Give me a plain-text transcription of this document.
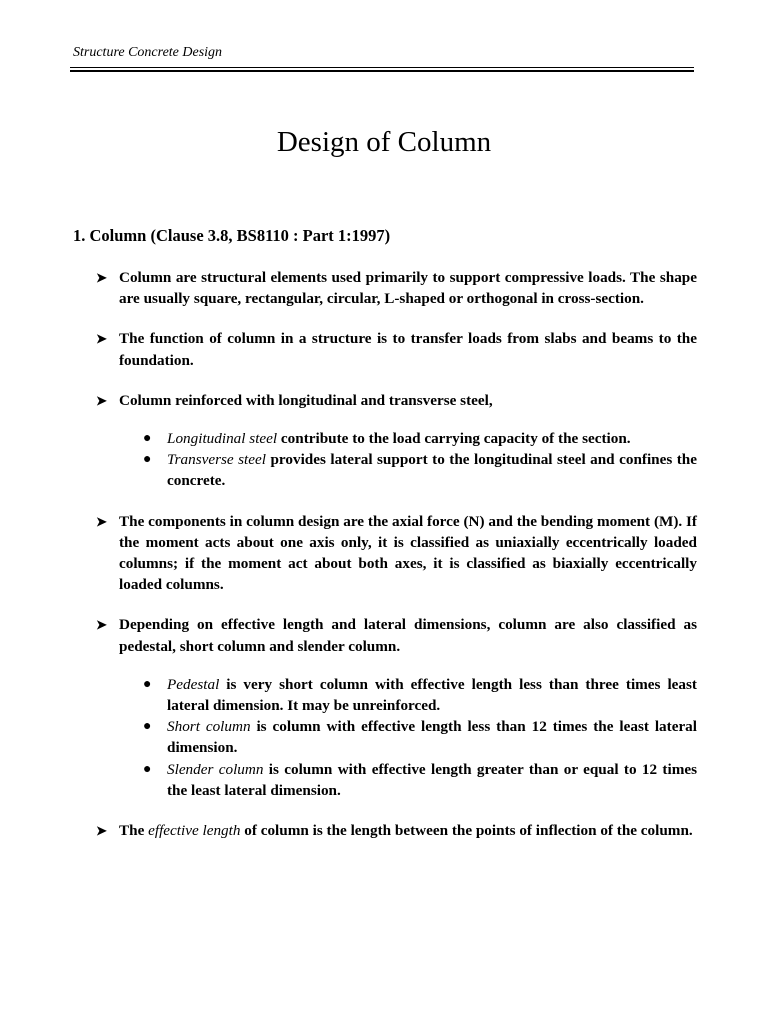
Structure Concrete Design
Design of Column
1. Column (Clause 3.8, BS8110 : Part 1:1997)
➤ Column are structural elements used primarily to support compressive loads. The shape are usually square, rectangular, circular, L-shaped or orthogonal in cross-section.
➤ The function of column in a structure is to transfer loads from slabs and beams to the foundation.
➤ Column reinforced with longitudinal and transverse steel,
● Longitudinal steel contribute to the load carrying capacity of the section.
● Transverse steel provides lateral support to the longitudinal steel and confines the concrete.
➤ The components in column design are the axial force (N) and the bending moment (M). If the moment acts about one axis only, it is classified as uniaxially eccentrically loaded columns; if the moment act about both axes, it is classified as biaxially eccentrically loaded columns.
➤ Depending on effective length and lateral dimensions, column are also classified as pedestal, short column and slender column.
● Pedestal is very short column with effective length less than three times least lateral dimension. It may be unreinforced.
● Short column is column with effective length less than 12 times the least lateral dimension.
● Slender column is column with effective length greater than or equal to 12 times the least lateral dimension.
➤ The effective length of column is the length between the points of inflection of the column.
